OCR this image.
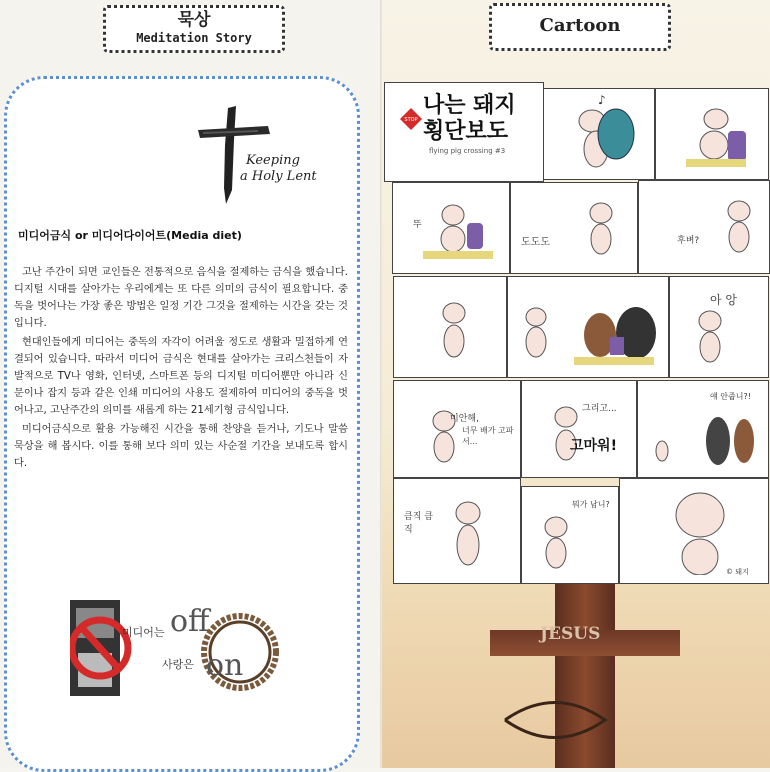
묵상
Meditation Story
Keeping
a Holy Lent
미디어금식 or 미디어다이어트(Media diet)

고난 주간이 되면 교인들은 전통적으로 음식을 절제하는 금식을 했습니다. 디지털 시대를 살아가는 우리에게는 또 다른 의미의 금식이 필요합니다. 중독을 벗어나는 가장 좋은 방법은 일정 기간 그것을 절제하는 시간을 갖는 것입니다.

현대인들에게 미디어는 중독의 자각이 어려울 정도로 생활과 밀접하게 연결되어 있습니다. 따라서 미디어 금식은 현대를 살아가는 크리스천들이 자발적으로 TV나 영화, 인터넷, 스마트폰 등의 디지털 미디어뿐만 아니라 신문이나 잡지 등과 같은 인쇄 미디어의 사용도 절제하여 미디어의 중독을 벗어나고, 고난주간의 의미를 새롭게 하는 21세기형 금식입니다.

미디어금식으로 활용 가능해진 시간을 통해 찬양을 듣거나, 기도나 말씀 묵상을 해 봅시다. 이를 통해 보다 의미 있는 사순절 기간을 보내도록 합시다.

미디어는 off
사랑은 on
JESUS
Cartoon
STOP
나는 돼지
횡단보도
flying pig crossing #3
♪
뚜
도도도	후벼?
아 앙
미안해,
너무 배가 고파서...
그리고...
고마워!
얘 안줍니?!
큼직 큼직
뭐가 남니?
© 돼지
